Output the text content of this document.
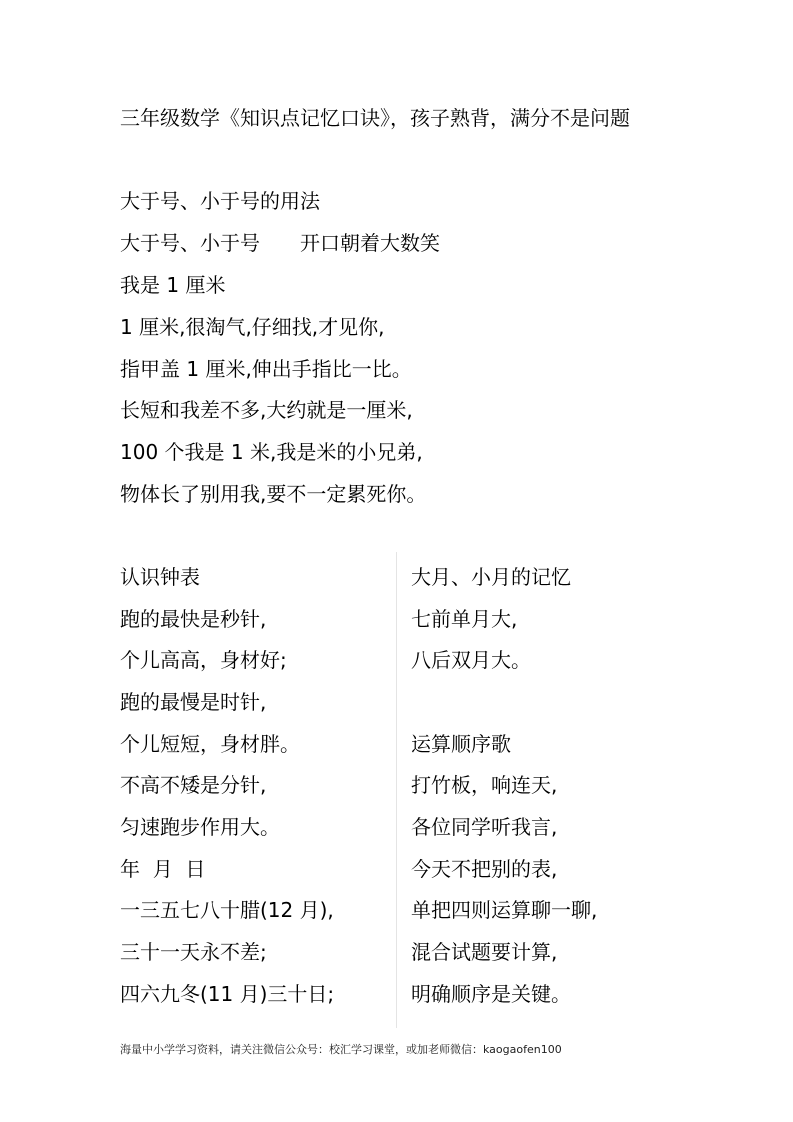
三年级数学《知识点记忆口诀》，孩子熟背，满分不是问题
大于号、小于号的用法
大于号、小于号 开口朝着大数笑
我是 1 厘米
1 厘米,很淘气,仔细找,才见你,
指甲盖 1 厘米,伸出手指比一比。
长短和我差不多,大约就是一厘米,
100 个我是 1 米,我是米的小兄弟,
物体长了别用我,要不一定累死你。
认识钟表
跑的最快是秒针,
个儿高高，身材好;
跑的最慢是时针,
个儿短短，身材胖。
不高不矮是分针,
匀速跑步作用大。
年  月  日
一三五七八十腊(12 月),
三十一天永不差;
四六九冬(11 月)三十日;
大月、小月的记忆
七前单月大,
八后双月大。
运算顺序歌
打竹板，响连天,
各位同学听我言,
今天不把别的表,
单把四则运算聊一聊,
混合试题要计算,
明确顺序是关键。
海量中小学学习资料，请关注微信公众号：校汇学习课堂，或加老师微信：kaogaofen100
